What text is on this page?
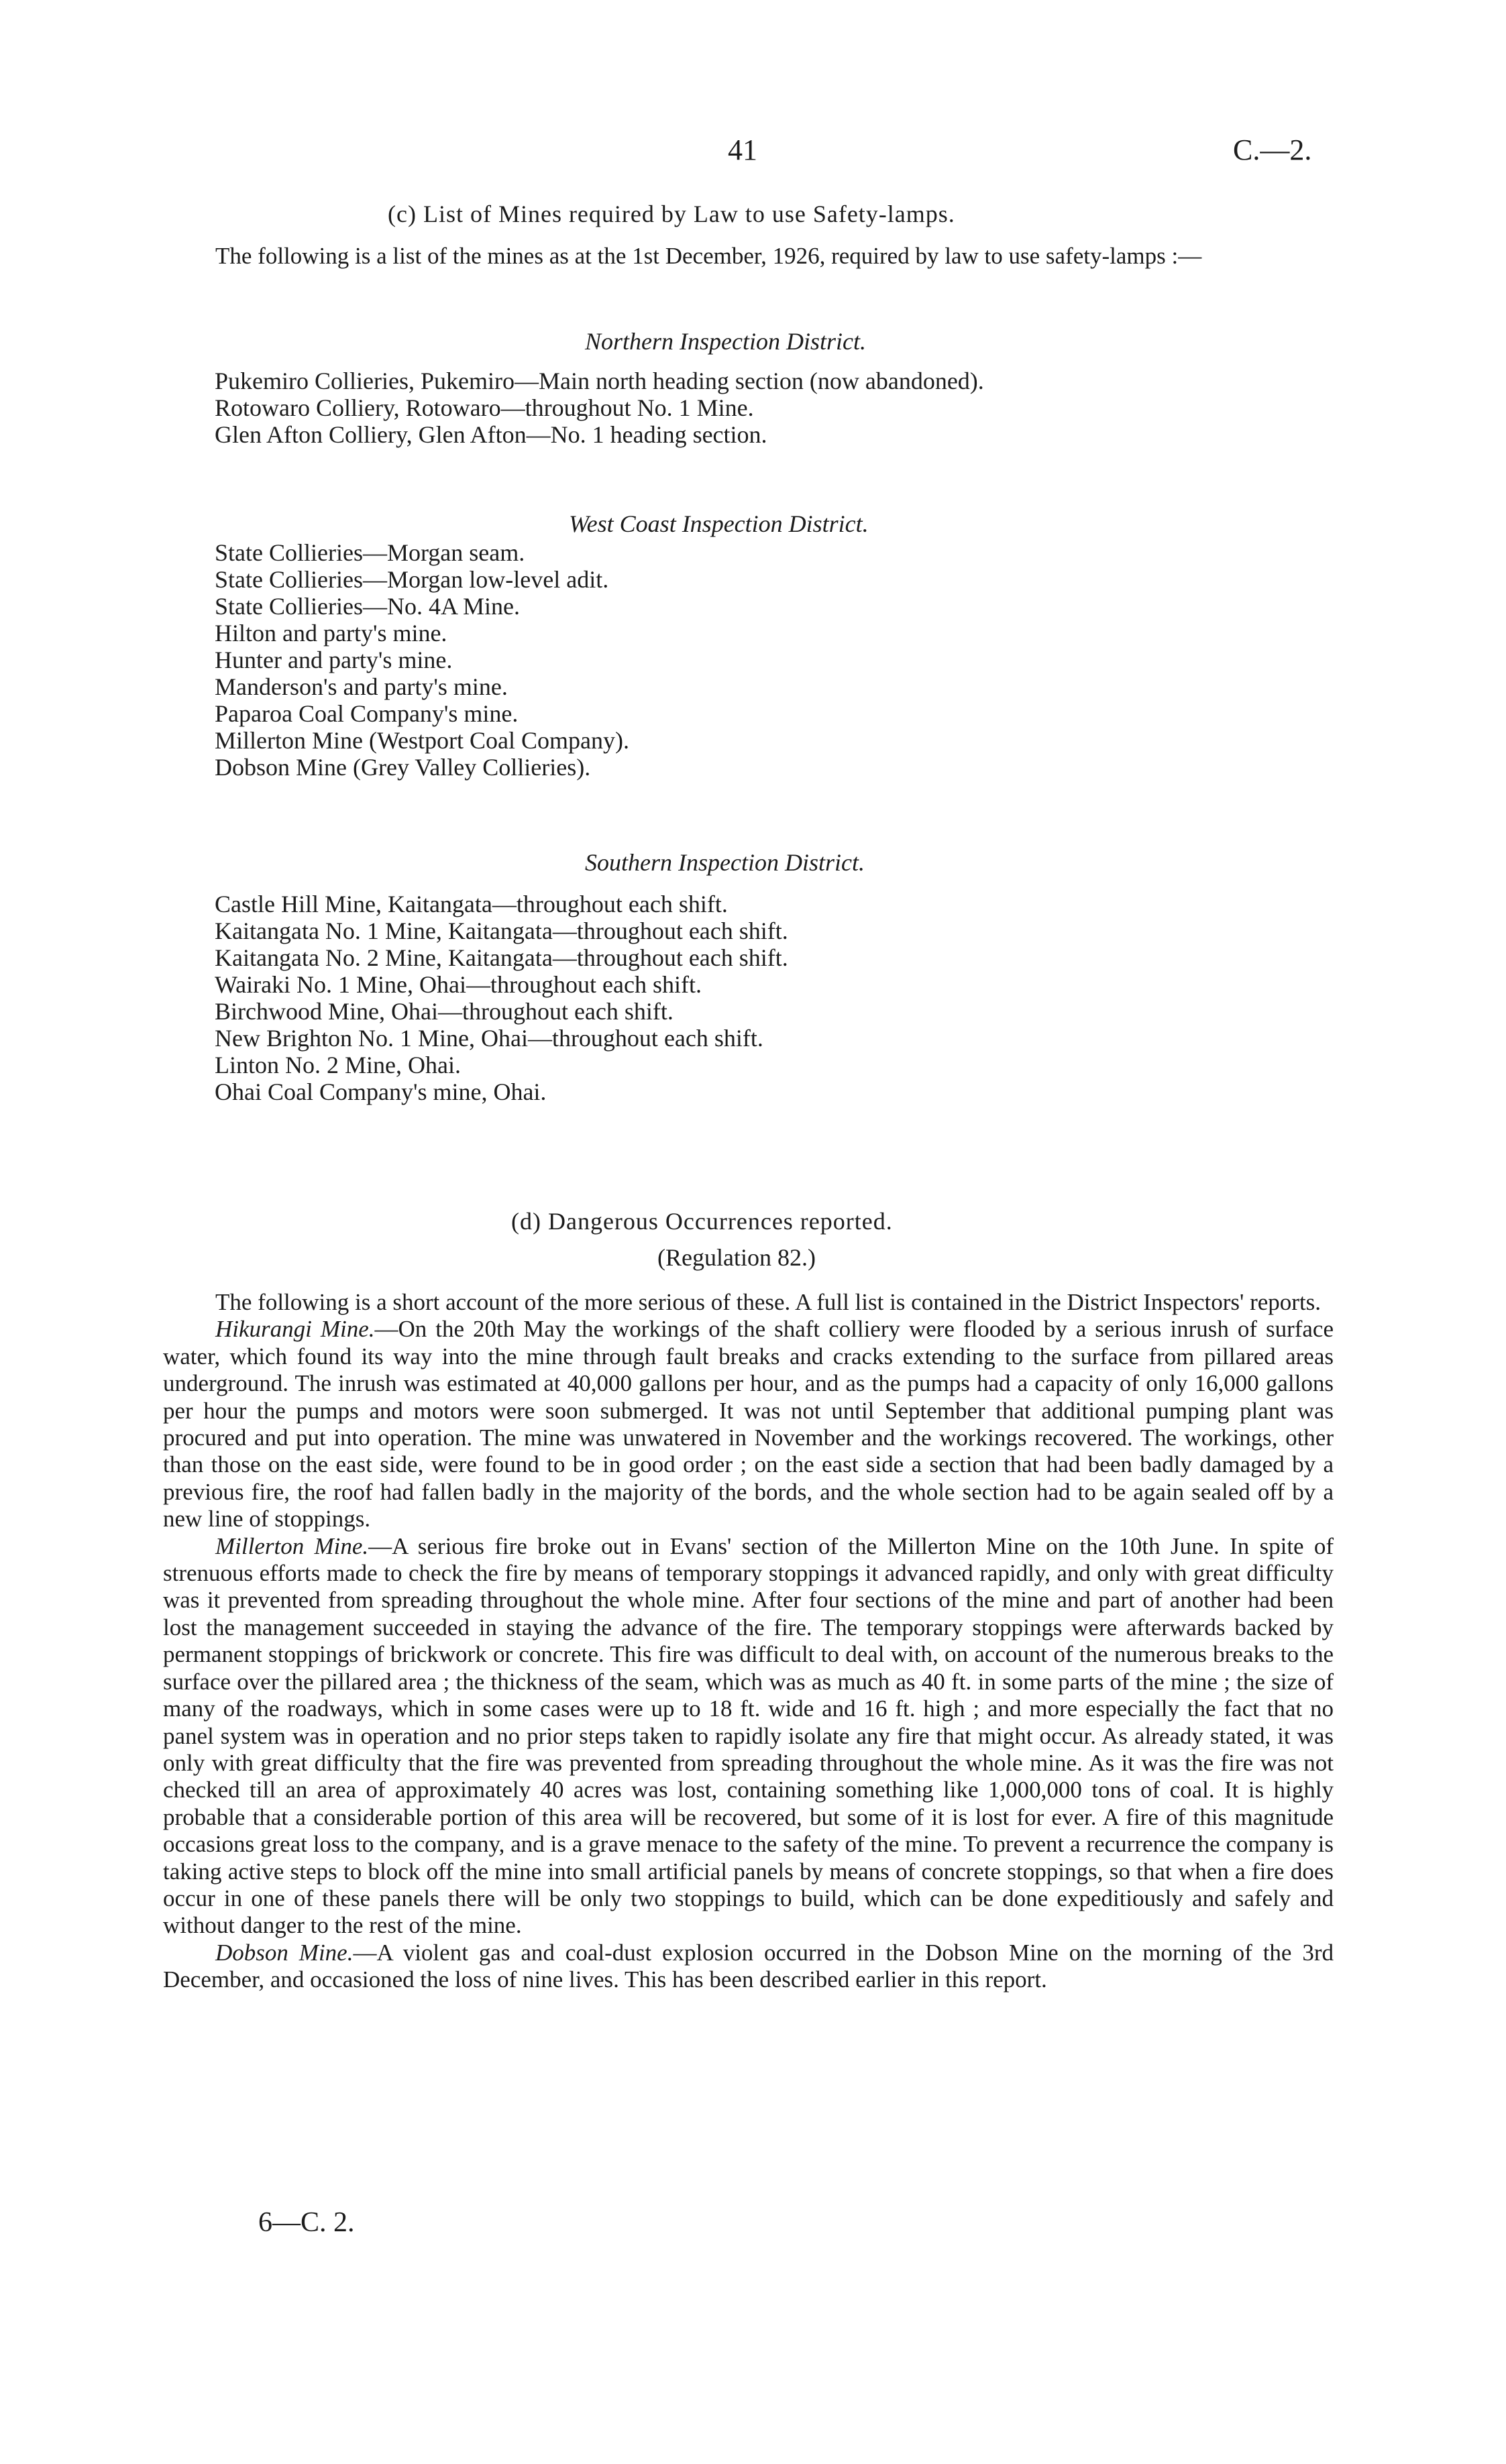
41	C.—2.
(c) List of Mines required by Law to use Safety-lamps.

The following is a list of the mines as at the 1st December, 1926, required by law to use safety-lamps :—

Northern Inspection District.
Pukemiro Collieries, Pukemiro—Main north heading section (now abandoned).
Rotowaro Colliery, Rotowaro—throughout No. 1 Mine.
Glen Afton Colliery, Glen Afton—No. 1 heading section.
West Coast Inspection District.
State Collieries—Morgan seam.
State Collieries—Morgan low-level adit.
State Collieries—No. 4A Mine.
Hilton and party's mine.
Hunter and party's mine.
Manderson's and party's mine.
Paparoa Coal Company's mine.
Millerton Mine (Westport Coal Company).
Dobson Mine (Grey Valley Collieries).
Southern Inspection District.
Castle Hill Mine, Kaitangata—throughout each shift.
Kaitangata No. 1 Mine, Kaitangata—throughout each shift.
Kaitangata No. 2 Mine, Kaitangata—throughout each shift.
Wairaki No. 1 Mine, Ohai—throughout each shift.
Birchwood Mine, Ohai—throughout each shift.
New Brighton No. 1 Mine, Ohai—throughout each shift.
Linton No. 2 Mine, Ohai.
Ohai Coal Company's mine, Ohai.
(d) Dangerous Occurrences reported.
(Regulation 82.)

The following is a short account of the more serious of these. A full list is contained in the District Inspectors' reports.

Hikurangi Mine.—On the 20th May the workings of the shaft colliery were flooded by a serious inrush of surface water, which found its way into the mine through fault breaks and cracks extending to the surface from pillared areas underground. The inrush was estimated at 40,000 gallons per hour, and as the pumps had a capacity of only 16,000 gallons per hour the pumps and motors were soon submerged. It was not until September that additional pumping plant was procured and put into operation. The mine was unwatered in November and the workings recovered. The workings, other than those on the east side, were found to be in good order ; on the east side a section that had been badly damaged by a previous fire, the roof had fallen badly in the majority of the bords, and the whole section had to be again sealed off by a new line of stoppings.

Millerton Mine.—A serious fire broke out in Evans' section of the Millerton Mine on the 10th June. In spite of strenuous efforts made to check the fire by means of temporary stoppings it advanced rapidly, and only with great difficulty was it prevented from spreading throughout the whole mine. After four sections of the mine and part of another had been lost the management succeeded in staying the advance of the fire. The temporary stoppings were afterwards backed by permanent stoppings of brickwork or concrete. This fire was difficult to deal with, on account of the numerous breaks to the surface over the pillared area ; the thickness of the seam, which was as much as 40 ft. in some parts of the mine ; the size of many of the roadways, which in some cases were up to 18 ft. wide and 16 ft. high ; and more especially the fact that no panel system was in operation and no prior steps taken to rapidly isolate any fire that might occur. As already stated, it was only with great difficulty that the fire was prevented from spreading throughout the whole mine. As it was the fire was not checked till an area of approximately 40 acres was lost, containing something like 1,000,000 tons of coal. It is highly probable that a considerable portion of this area will be recovered, but some of it is lost for ever. A fire of this magnitude occasions great loss to the company, and is a grave menace to the safety of the mine. To prevent a recurrence the company is taking active steps to block off the mine into small artificial panels by means of concrete stoppings, so that when a fire does occur in one of these panels there will be only two stoppings to build, which can be done expeditiously and safely and without danger to the rest of the mine.

Dobson Mine.—A violent gas and coal-dust explosion occurred in the Dobson Mine on the morning of the 3rd December, and occasioned the loss of nine lives. This has been described earlier in this report.

6—C. 2.
